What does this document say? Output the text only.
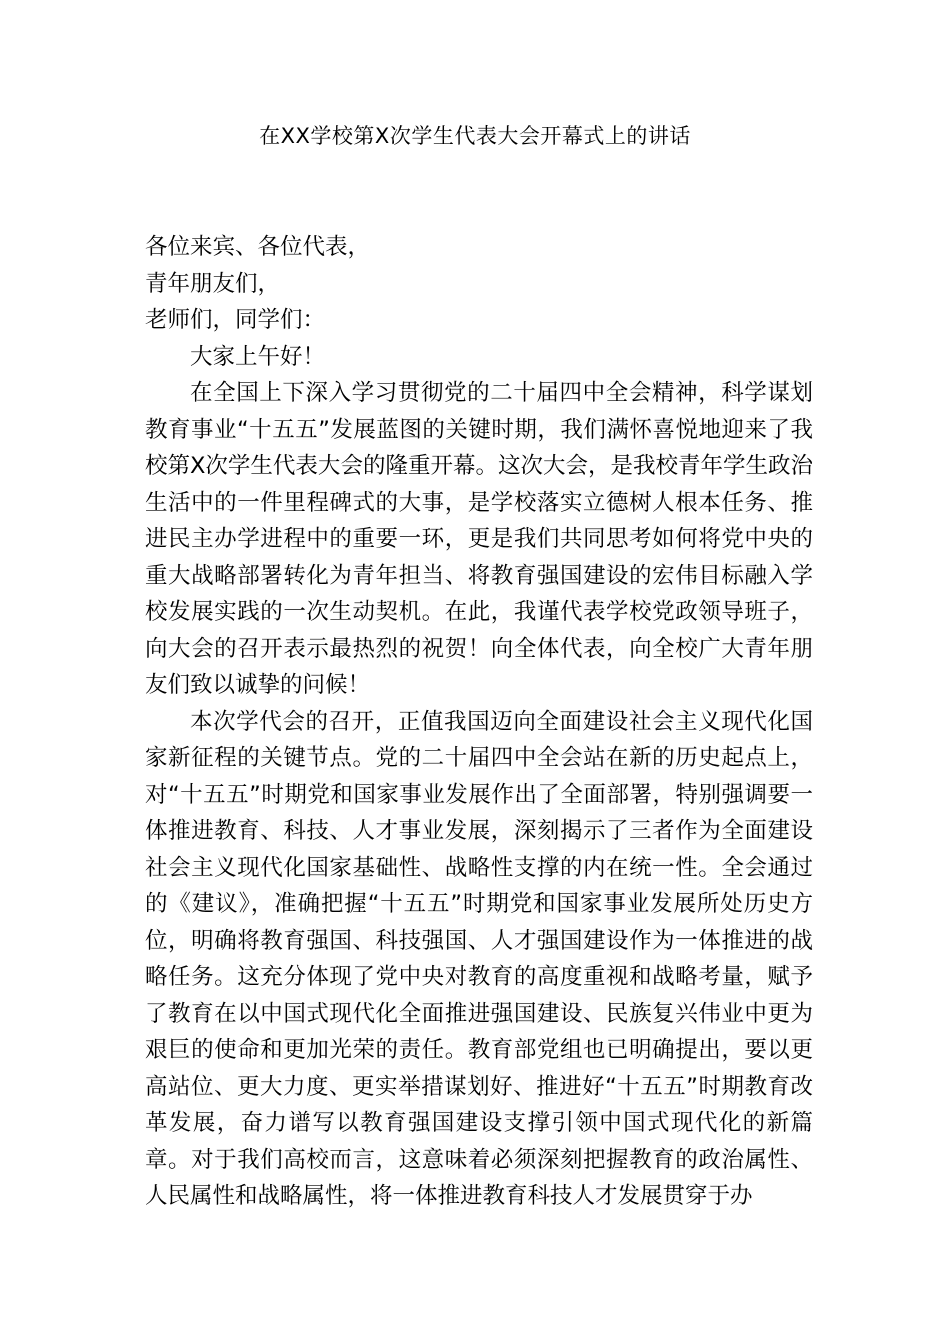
在XX学校第X次学生代表大会开幕式上的讲话

各位来宾、各位代表，

青年朋友们，

老师们，同学们：

大家上午好！

在全国上下深入学习贯彻党的二十届四中全会精神，科学谋划教育事业“十五五”发展蓝图的关键时期，我们满怀喜悦地迎来了我校第X次学生代表大会的隆重开幕。这次大会，是我校青年学生政治生活中的一件里程碑式的大事，是学校落实立德树人根本任务、推进民主办学进程中的重要一环，更是我们共同思考如何将党中央的重大战略部署转化为青年担当、将教育强国建设的宏伟目标融入学校发展实践的一次生动契机。在此，我谨代表学校党政领导班子，向大会的召开表示最热烈的祝贺！向全体代表，向全校广大青年朋友们致以诚挚的问候！

本次学代会的召开，正值我国迈向全面建设社会主义现代化国家新征程的关键节点。党的二十届四中全会站在新的历史起点上，对“十五五”时期党和国家事业发展作出了全面部署，特别强调要一体推进教育、科技、人才事业发展，深刻揭示了三者作为全面建设社会主义现代化国家基础性、战略性支撑的内在统一性。全会通过的《建议》，准确把握“十五五”时期党和国家事业发展所处历史方位，明确将教育强国、科技强国、人才强国建设作为一体推进的战略任务。这充分体现了党中央对教育的高度重视和战略考量，赋予了教育在以中国式现代化全面推进强国建设、民族复兴伟业中更为艰巨的使命和更加光荣的责任。教育部党组也已明确提出，要以更高站位、更大力度、更实举措谋划好、推进好“十五五”时期教育改革发展，奋力谱写以教育强国建设支撑引领中国式现代化的新篇章。对于我们高校而言，这意味着必须深刻把握教育的政治属性、人民属性和战略属性，将一体推进教育科技人才发展贯穿于办
